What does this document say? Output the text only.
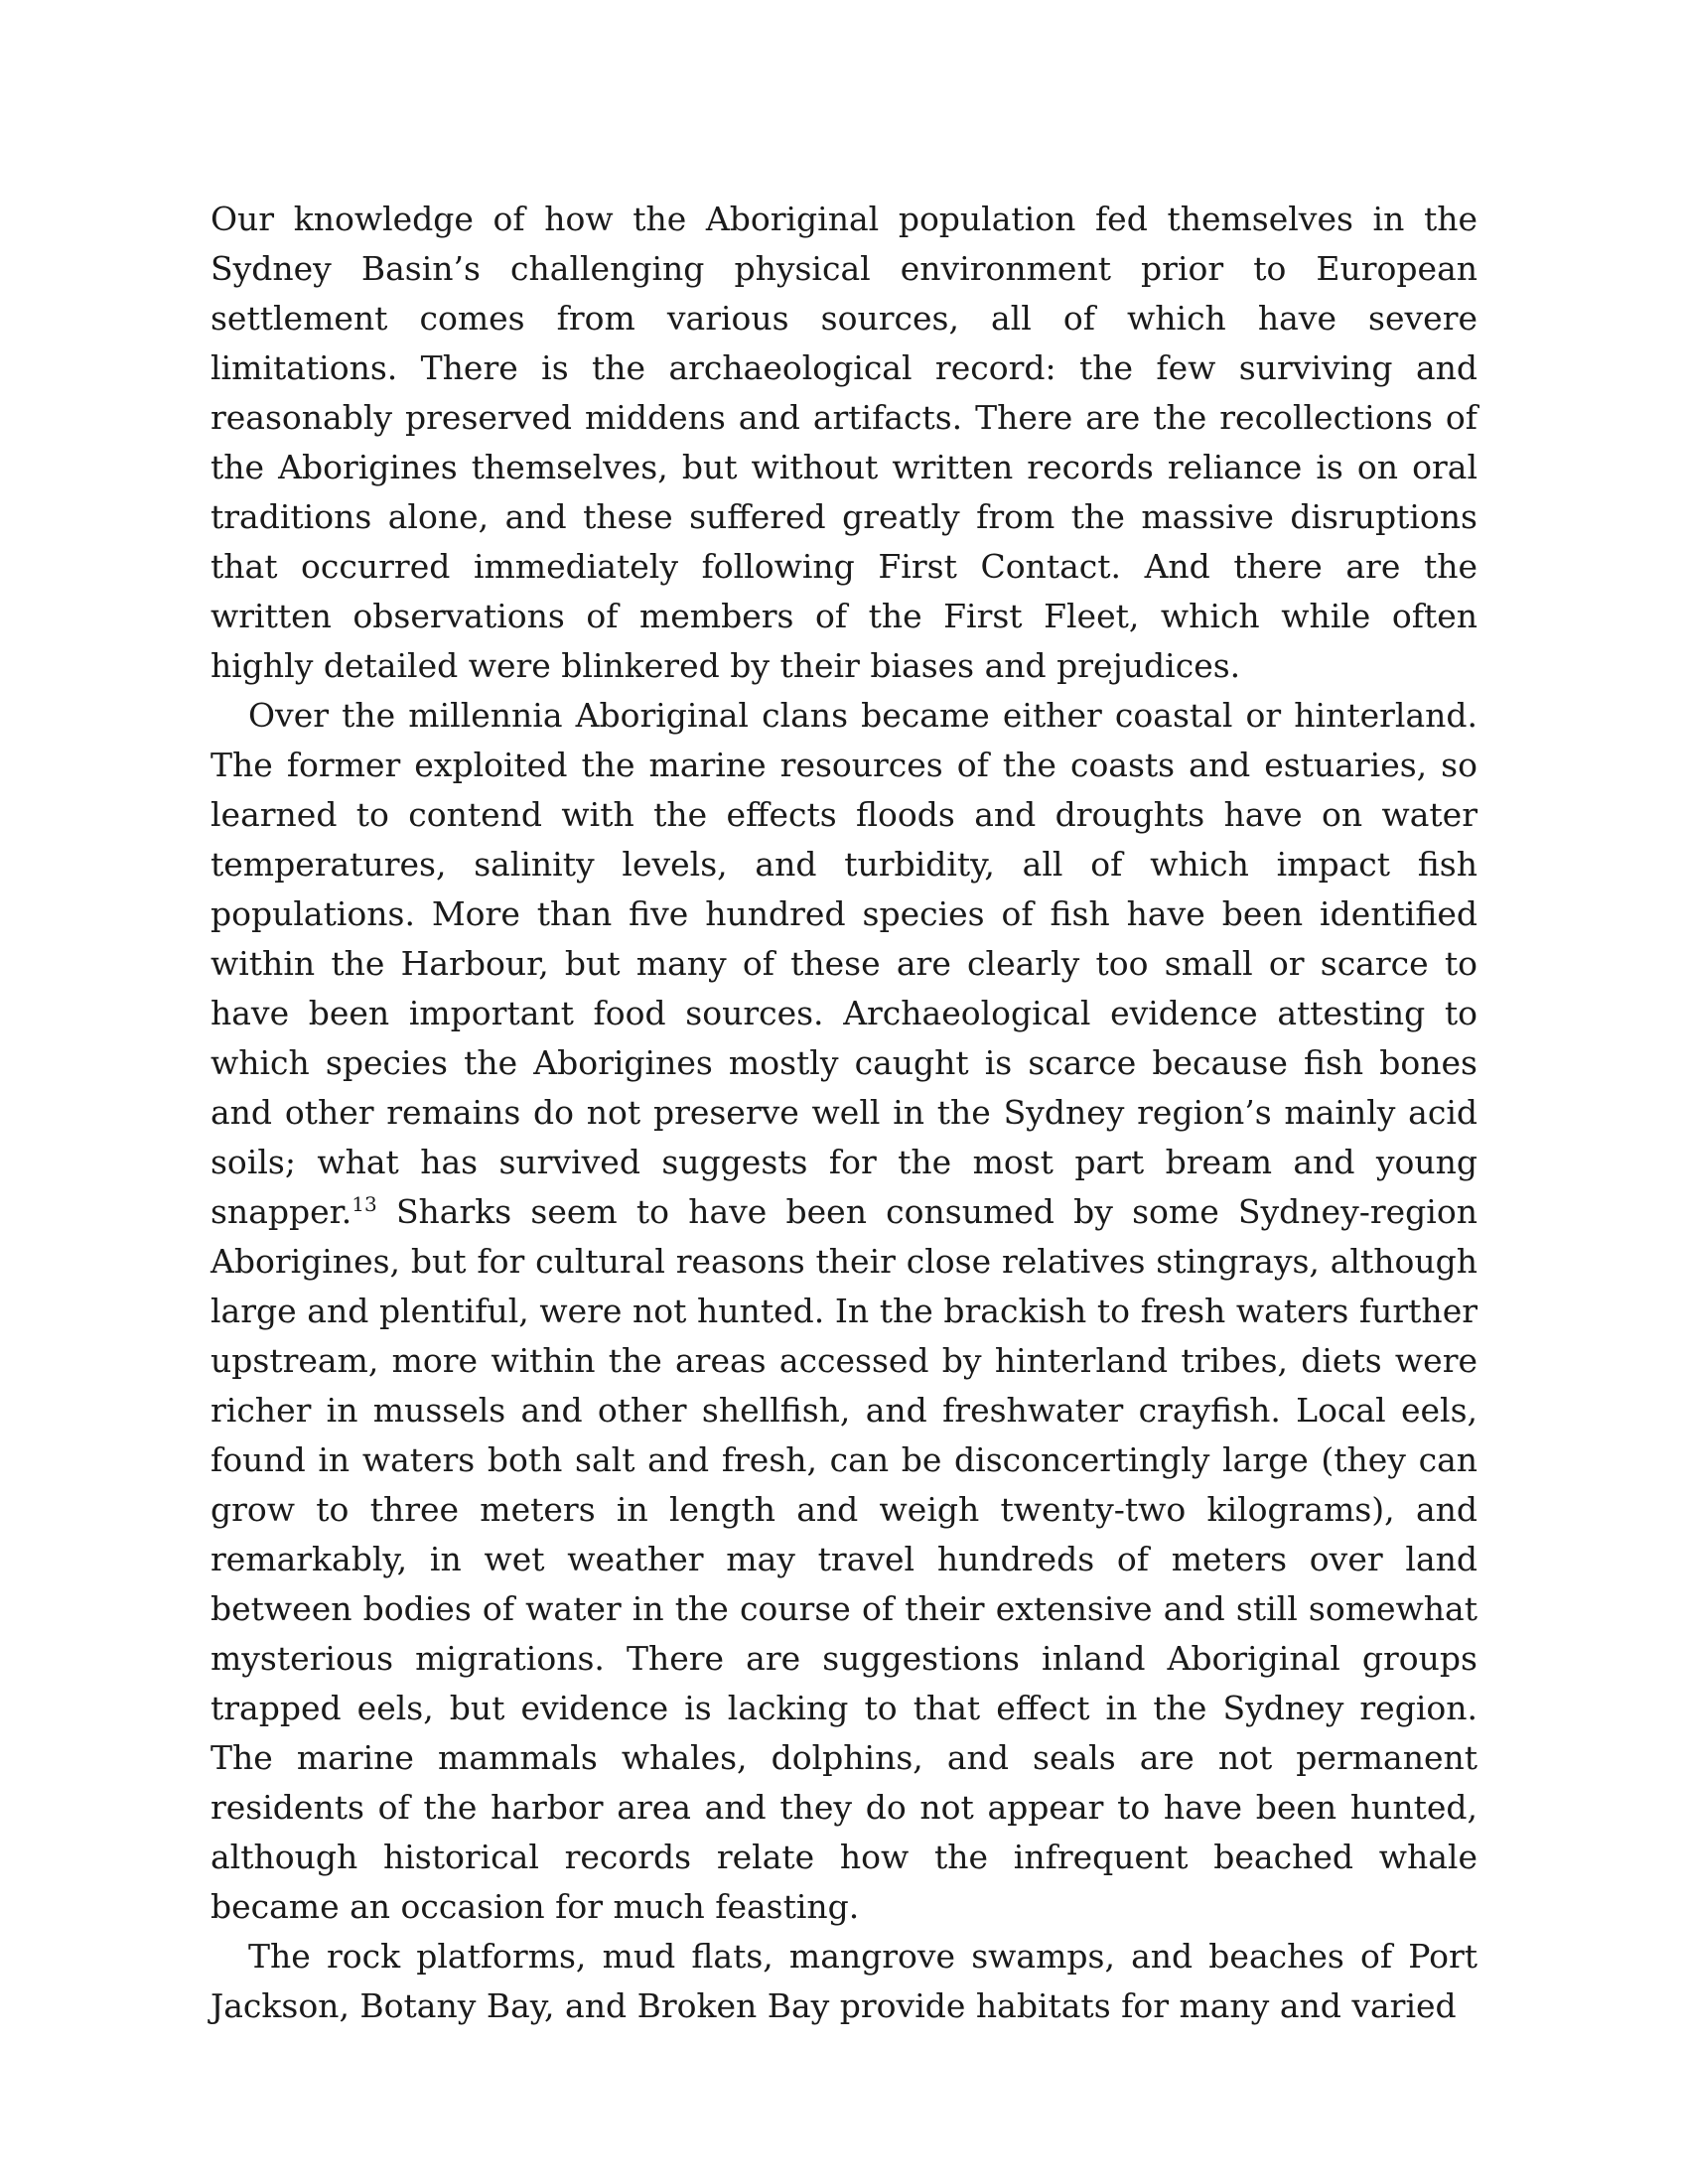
Our knowledge of how the Aboriginal population fed themselves in the Sydney Basin’s challenging physical environment prior to European settlement comes from various sources, all of which have severe limitations. There is the archaeological record: the few surviving and reasonably preserved middens and artifacts. There are the recollections of the Aborigines themselves, but without written records reliance is on oral traditions alone, and these suffered greatly from the massive disruptions that occurred immediately following First Contact. And there are the written observations of members of the First Fleet, which while often highly detailed were blinkered by their biases and prejudices.

Over the millennia Aboriginal clans became either coastal or hinterland. The former exploited the marine resources of the coasts and estuaries, so learned to contend with the effects floods and droughts have on water temperatures, salinity levels, and turbidity, all of which impact fish populations. More than five hundred species of fish have been identified within the Harbour, but many of these are clearly too small or scarce to have been important food sources. Archaeological evidence attesting to which species the Aborigines mostly caught is scarce because fish bones and other remains do not preserve well in the Sydney region’s mainly acid soils; what has survived suggests for the most part bream and young snapper.$^{13}$ Sharks seem to have been consumed by some Sydney-region Aborigines, but for cultural reasons their close relatives stingrays, although large and plentiful, were not hunted. In the brackish to fresh waters further upstream, more within the areas accessed by hinterland tribes, diets were richer in mussels and other shellfish, and freshwater crayfish. Local eels, found in waters both salt and fresh, can be disconcertingly large (they can grow to three meters in length and weigh twenty-two kilograms), and remarkably, in wet weather may travel hundreds of meters over land between bodies of water in the course of their extensive and still somewhat mysterious migrations. There are suggestions inland Aboriginal groups trapped eels, but evidence is lacking to that effect in the Sydney region. The marine mammals whales, dolphins, and seals are not permanent residents of the harbor area and they do not appear to have been hunted, although historical records relate how the infrequent beached whale became an occasion for much feasting.

The rock platforms, mud flats, mangrove swamps, and beaches of Port Jackson, Botany Bay, and Broken Bay provide habitats for many and varied
